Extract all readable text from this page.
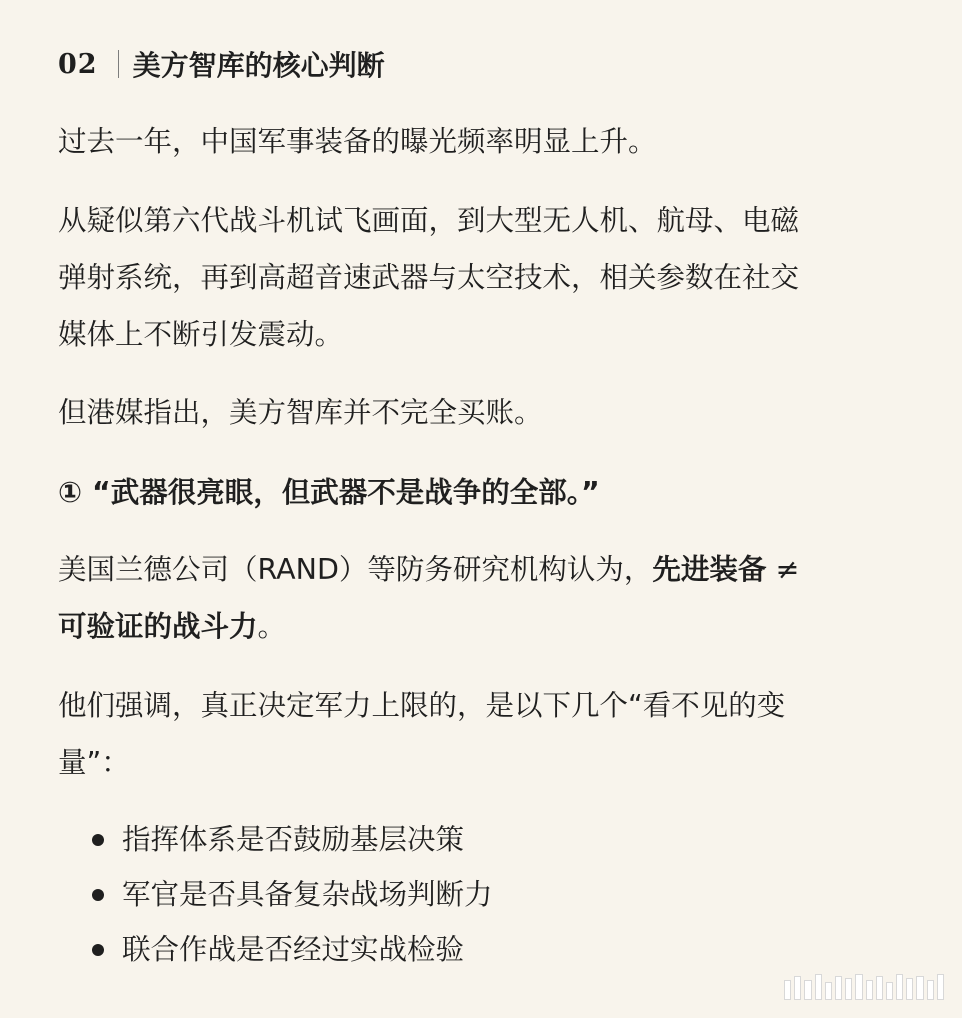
02 美方智库的核心判断

过去一年，中国军事装备的曝光频率明显上升。

从疑似第六代战斗机试飞画面，到大型无人机、航母、电磁
弹射系统，再到高超音速武器与太空技术，相关参数在社交
媒体上不断引发震动。

但港媒指出，美方智库并不完全买账。

① “武器很亮眼，但武器不是战争的全部。”

美国兰德公司（RAND）等防务研究机构认为，先进装备 ≠
可验证的战斗力。
他们强调，真正决定军力上限的，是以下几个“看不见的变
量”：
指挥体系是否鼓励基层决策
军官是否具备复杂战场判断力
联合作战是否经过实战检验
